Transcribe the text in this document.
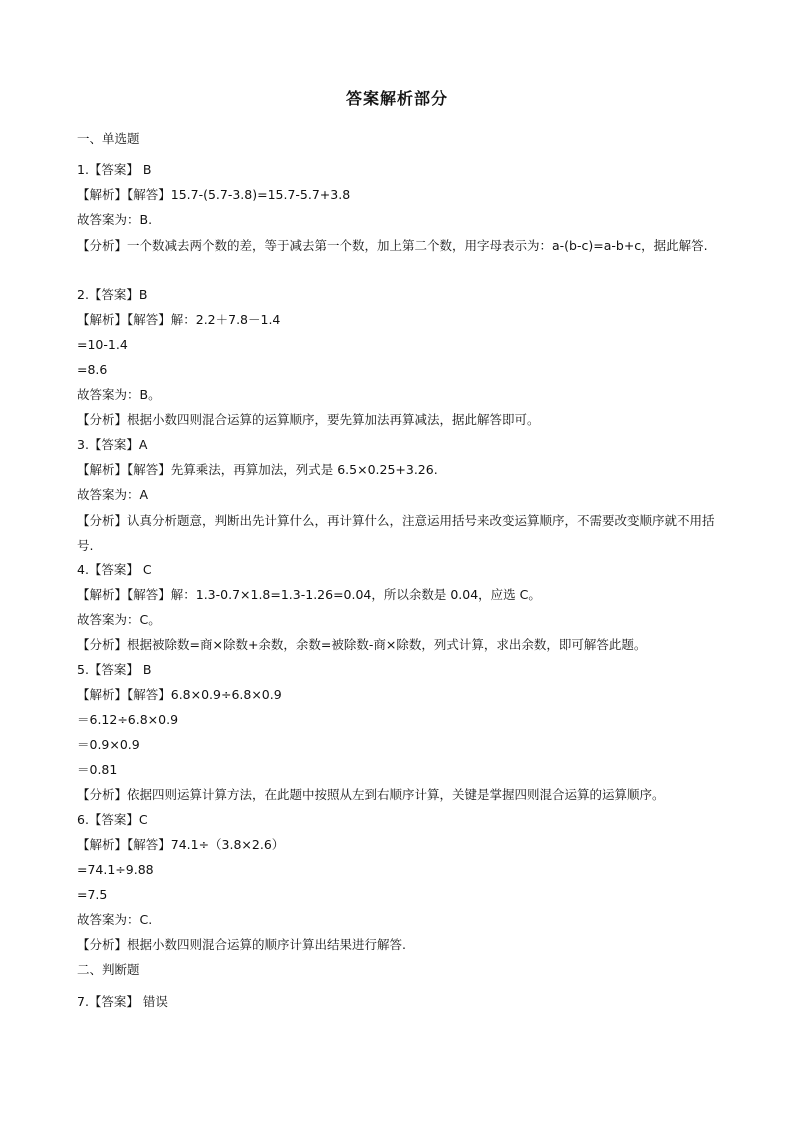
答案解析部分
一、单选题
1.【答案】 B
【解析】【解答】15.7-(5.7-3.8)=15.7-5.7+3.8
故答案为：B.
【分析】一个数减去两个数的差，等于减去第一个数，加上第二个数，用字母表示为：a-(b-c)=a-b+c，据此解答.
2.【答案】B
【解析】【解答】解：2.2＋7.8－1.4
=10-1.4
=8.6
故答案为：B。
【分析】根据小数四则混合运算的运算顺序，要先算加法再算减法，据此解答即可。
3.【答案】A
【解析】【解答】先算乘法，再算加法，列式是 6.5×0.25+3.26.
故答案为：A
【分析】认真分析题意，判断出先计算什么，再计算什么，注意运用括号来改变运算顺序，不需要改变顺序就不用括号.
4.【答案】 C
【解析】【解答】解：1.3-0.7×1.8=1.3-1.26=0.04，所以余数是 0.04，应选 C。
故答案为：C。
【分析】根据被除数=商×除数+余数，余数=被除数-商×除数，列式计算，求出余数，即可解答此题。
5.【答案】 B
【解析】【解答】6.8×0.9÷6.8×0.9
＝6.12÷6.8×0.9
＝0.9×0.9
＝0.81
【分析】依据四则运算计算方法，在此题中按照从左到右顺序计算，关键是掌握四则混合运算的运算顺序。
6.【答案】C
【解析】【解答】74.1÷（3.8×2.6）
=74.1÷9.88
=7.5
故答案为：C.
【分析】根据小数四则混合运算的顺序计算出结果进行解答.
二、判断题
7.【答案】 错误
